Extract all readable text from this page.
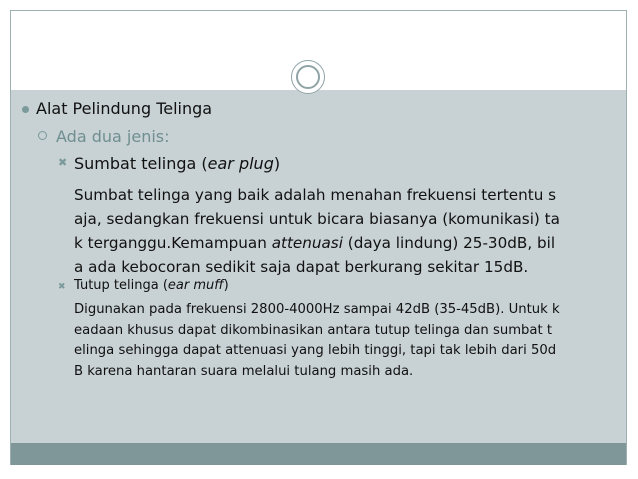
Alat Pelindung Telinga
Ada dua jenis:
✖ Sumbat telinga (ear plug)
Sumbat telinga yang baik adalah menahan frekuensi tertentu s
aja, sedangkan frekuensi untuk bicara biasanya (komunikasi) ta
k terganggu.Kemampuan attenuasi (daya lindung) 25-30dB, bil
a ada kebocoran sedikit saja dapat berkurang sekitar 15dB.
✖ Tutup telinga (ear muff)
Digunakan pada frekuensi 2800-4000Hz sampai 42dB (35-45dB). Untuk k
eadaan khusus dapat dikombinasikan antara tutup telinga dan sumbat t
elinga sehingga dapat attenuasi yang lebih tinggi, tapi tak lebih dari 50d
B karena hantaran suara melalui tulang masih ada.
